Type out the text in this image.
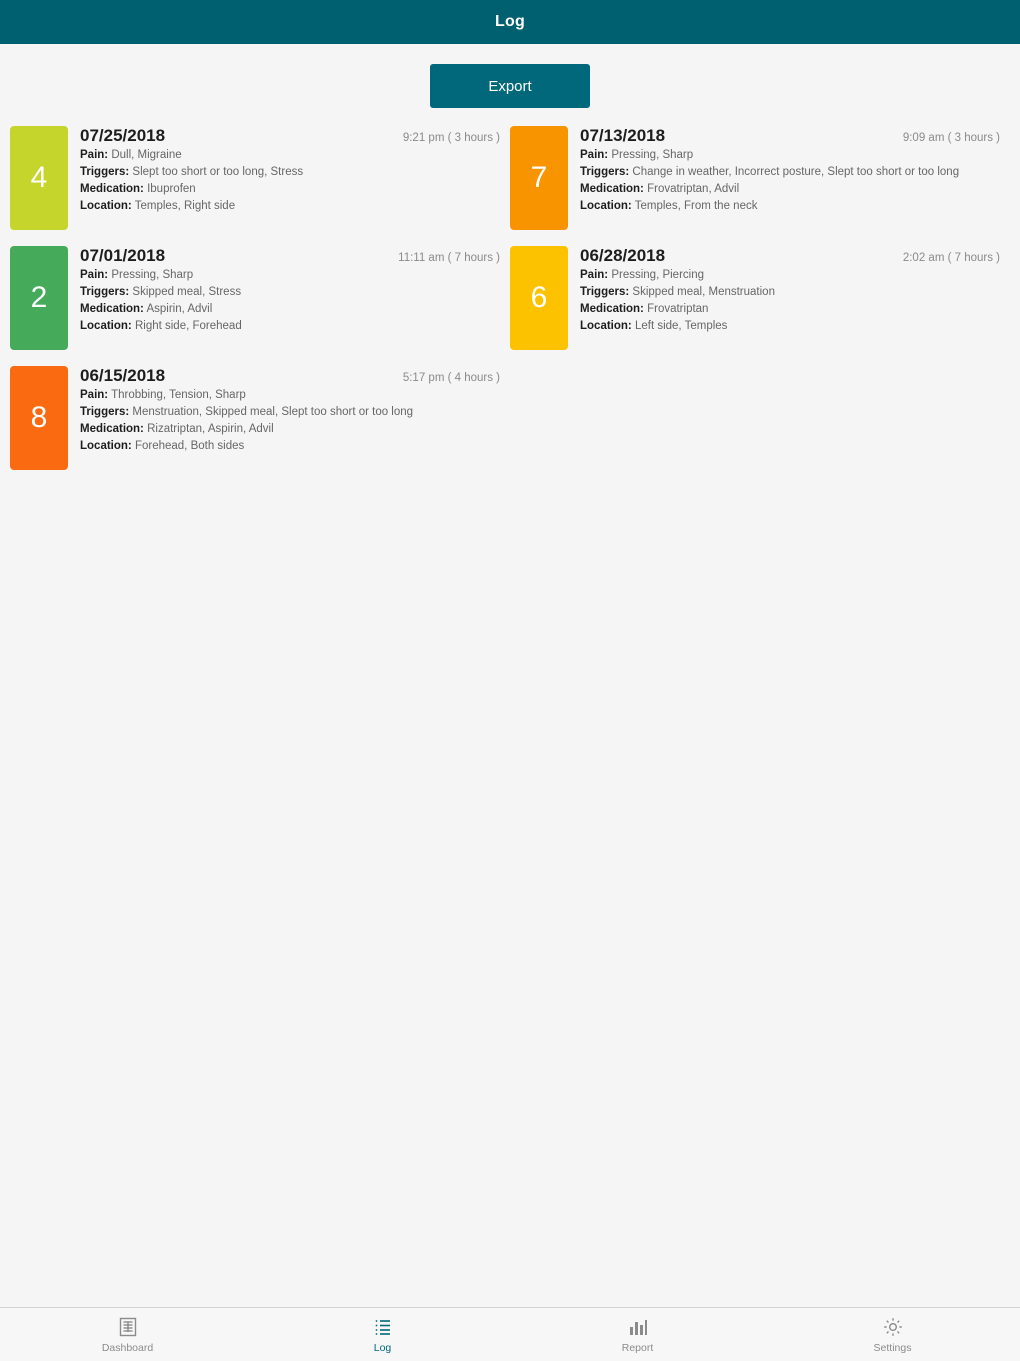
Log
Export
4
07/25/2018	9:21 pm ( 3 hours )
Pain: Dull, Migraine
Triggers: Slept too short or too long, Stress
Medication: Ibuprofen
Location: Temples, Right side
7
07/13/2018	9:09 am ( 3 hours )
Pain: Pressing, Sharp
Triggers: Change in weather, Incorrect posture, Slept too short or too long
Medication: Frovatriptan, Advil
Location: Temples, From the neck
2
07/01/2018	11:11 am ( 7 hours )
Pain: Pressing, Sharp
Triggers: Skipped meal, Stress
Medication: Aspirin, Advil
Location: Right side, Forehead
6
06/28/2018	2:02 am ( 7 hours )
Pain: Pressing, Piercing
Triggers: Skipped meal, Menstruation
Medication: Frovatriptan
Location: Left side, Temples
8
06/15/2018	5:17 pm ( 4 hours )
Pain: Throbbing, Tension, Sharp
Triggers: Menstruation, Skipped meal, Slept too short or too long
Medication: Rizatriptan, Aspirin, Advil
Location: Forehead, Both sides
Dashboard	Log	Report	Settings
